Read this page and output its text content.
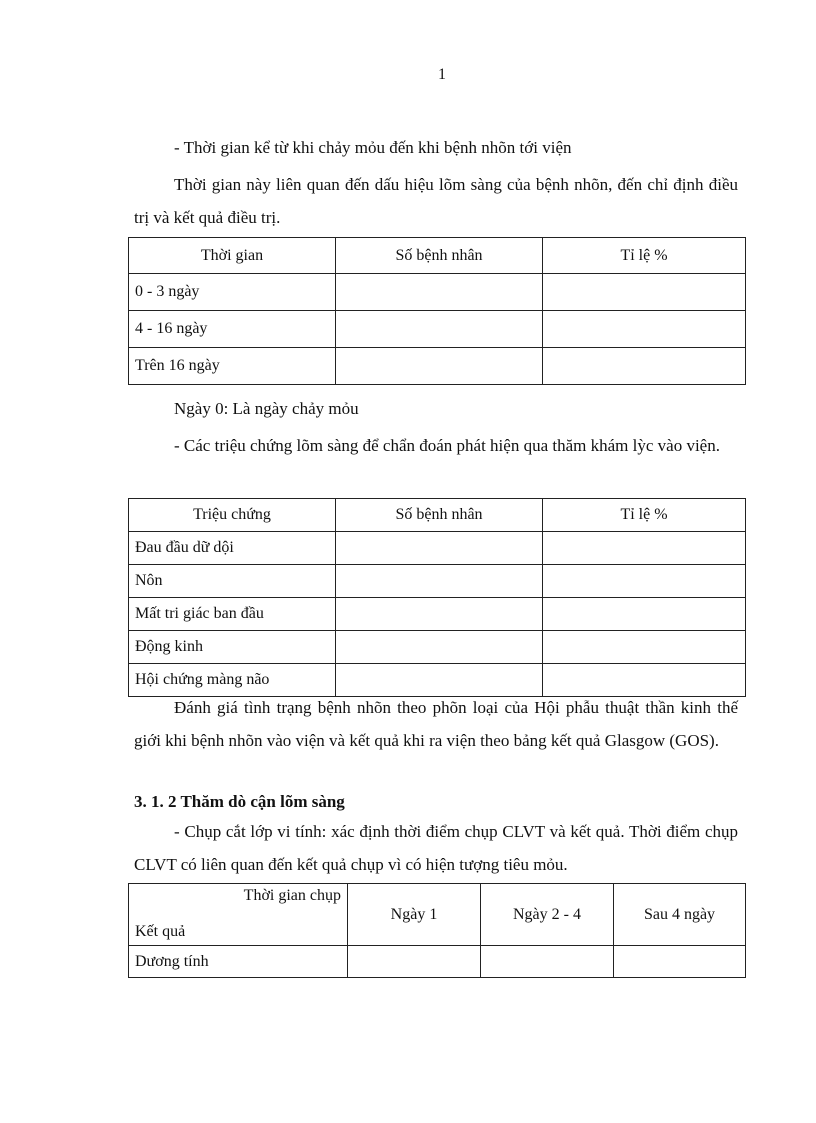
1

- Thời gian kể từ khi chảy mỏu đến khi bệnh nhõn tới viện

Thời gian này liên quan đến dấu hiệu lõm sàng của bệnh nhõn, đến chỉ định điều trị và kết quả điều trị.

Thời gian	Số bệnh nhân	Tỉ lệ %
0 - 3 ngày		
4 - 16 ngày		
Trên 16 ngày		

Ngày 0: Là ngày chảy mỏu

- Các triệu chứng lõm sàng để chẩn đoán phát hiện qua thăm khám lỳc vào viện.

Triệu chứng	Số bệnh nhân	Tỉ lệ %
Đau đầu dữ dội		
Nôn		
Mất tri giác ban đầu		
Động kinh		
Hội chứng màng não		

Đánh giá tình trạng bệnh nhõn theo phõn loại của Hội phẫu thuật thần kinh thế giới khi bệnh nhõn vào viện và kết quả khi ra viện theo bảng kết quả Glasgow (GOS).

3. 1. 2 Thăm dò cận lõm sàng

- Chụp cắt lớp vi tính: xác định thời điểm chụp CLVT và kết quả. Thời điểm chụp CLVT có liên quan đến kết quả chụp vì có hiện tượng tiêu mỏu.

Thời gian chụp
Kết quả	Ngày 1	Ngày 2 - 4	Sau 4 ngày
Dương tính			
